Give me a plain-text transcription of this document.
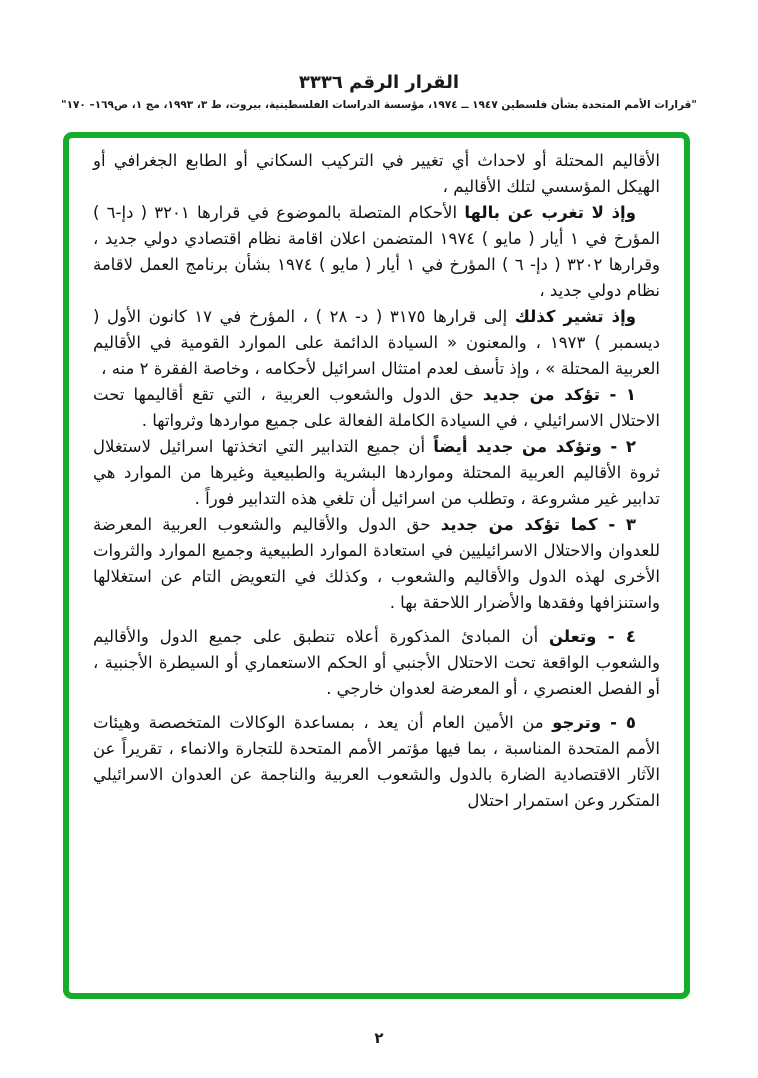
القرار الرقم ٣٣٣٦
"قرارات الأمم المتحدة بشأن فلسطين ١٩٤٧ ــ ١٩٧٤، مؤسسة الدراسات الفلسطينية، بيروت، ط ٣، ١٩٩٣، مج ١، ص١٦٩– ١٧٠"

الأقاليم المحتلة أو لاحداث أي تغيير في التركيب السكاني أو الطابع الجغرافي أو الهيكل المؤسسي لتلك الأقاليم ،

وإذ لا تغرب عن بالها الأحكام المتصلة بالموضوع في قرارها ٣٢٠١ ( دإ-٦ ) المؤرخ في ١ أيار ( مايو ) ١٩٧٤ المتضمن اعلان اقامة نظام اقتصادي دولي جديد ، وقرارها ٣٢٠٢ ( دإ- ٦ ) المؤرخ في ١ أيار ( مايو ) ١٩٧٤ بشأن برنامج العمل لاقامة نظام دولي جديد ،

وإذ تشير كذلك إلى قرارها ٣١٧٥ ( د- ٢٨ ) ، المؤرخ في ١٧ كانون الأول ( ديسمبر ) ١٩٧٣ ، والمعنون « السيادة الدائمة على الموارد القومية في الأقاليم العربية المحتلة » ، وإذ تأسف لعدم امتثال اسرائيل لأحكامه ، وخاصة الفقرة ٢ منه ،

١ - تؤكد من جديد حق الدول والشعوب العربية ، التي تقع أقاليمها تحت الاحتلال الاسرائيلي ، في السيادة الكاملة الفعالة على جميع مواردها وثرواتها .

٢ - وتؤكد من جديد أيضاً أن جميع التدابير التي اتخذتها اسرائيل لاستغلال ثروة الأقاليم العربية المحتلة ومواردها البشرية والطبيعية وغيرها من الموارد هي تدابير غير مشروعة ، وتطلب من اسرائيل أن تلغي هذه التدابير فوراً .

٣ - كما تؤكد من جديد حق الدول والأقاليم والشعوب العربية المعرضة للعدوان والاحتلال الاسرائيليين في استعادة الموارد الطبيعية وجميع الموارد والثروات الأخرى لهذه الدول والأقاليم والشعوب ، وكذلك في التعويض التام عن استغلالها واستنزافها وفقدها والأضرار اللاحقة بها .

٤ - وتعلن أن المبادئ المذكورة أعلاه تنطبق على جميع الدول والأقاليم والشعوب الواقعة تحت الاحتلال الأجنبي أو الحكم الاستعماري أو السيطرة الأجنبية ، أو الفصل العنصري ، أو المعرضة لعدوان خارجي .

٥ - وترجو من الأمين العام أن يعد ، بمساعدة الوكالات المتخصصة وهيئات الأمم المتحدة المناسبة ، بما فيها مؤتمر الأمم المتحدة للتجارة والانماء ، تقريراً عن الآثار الاقتصادية الضارة بالدول والشعوب العربية والناجمة عن العدوان الاسرائيلي المتكرر وعن استمرار احتلال

٢
